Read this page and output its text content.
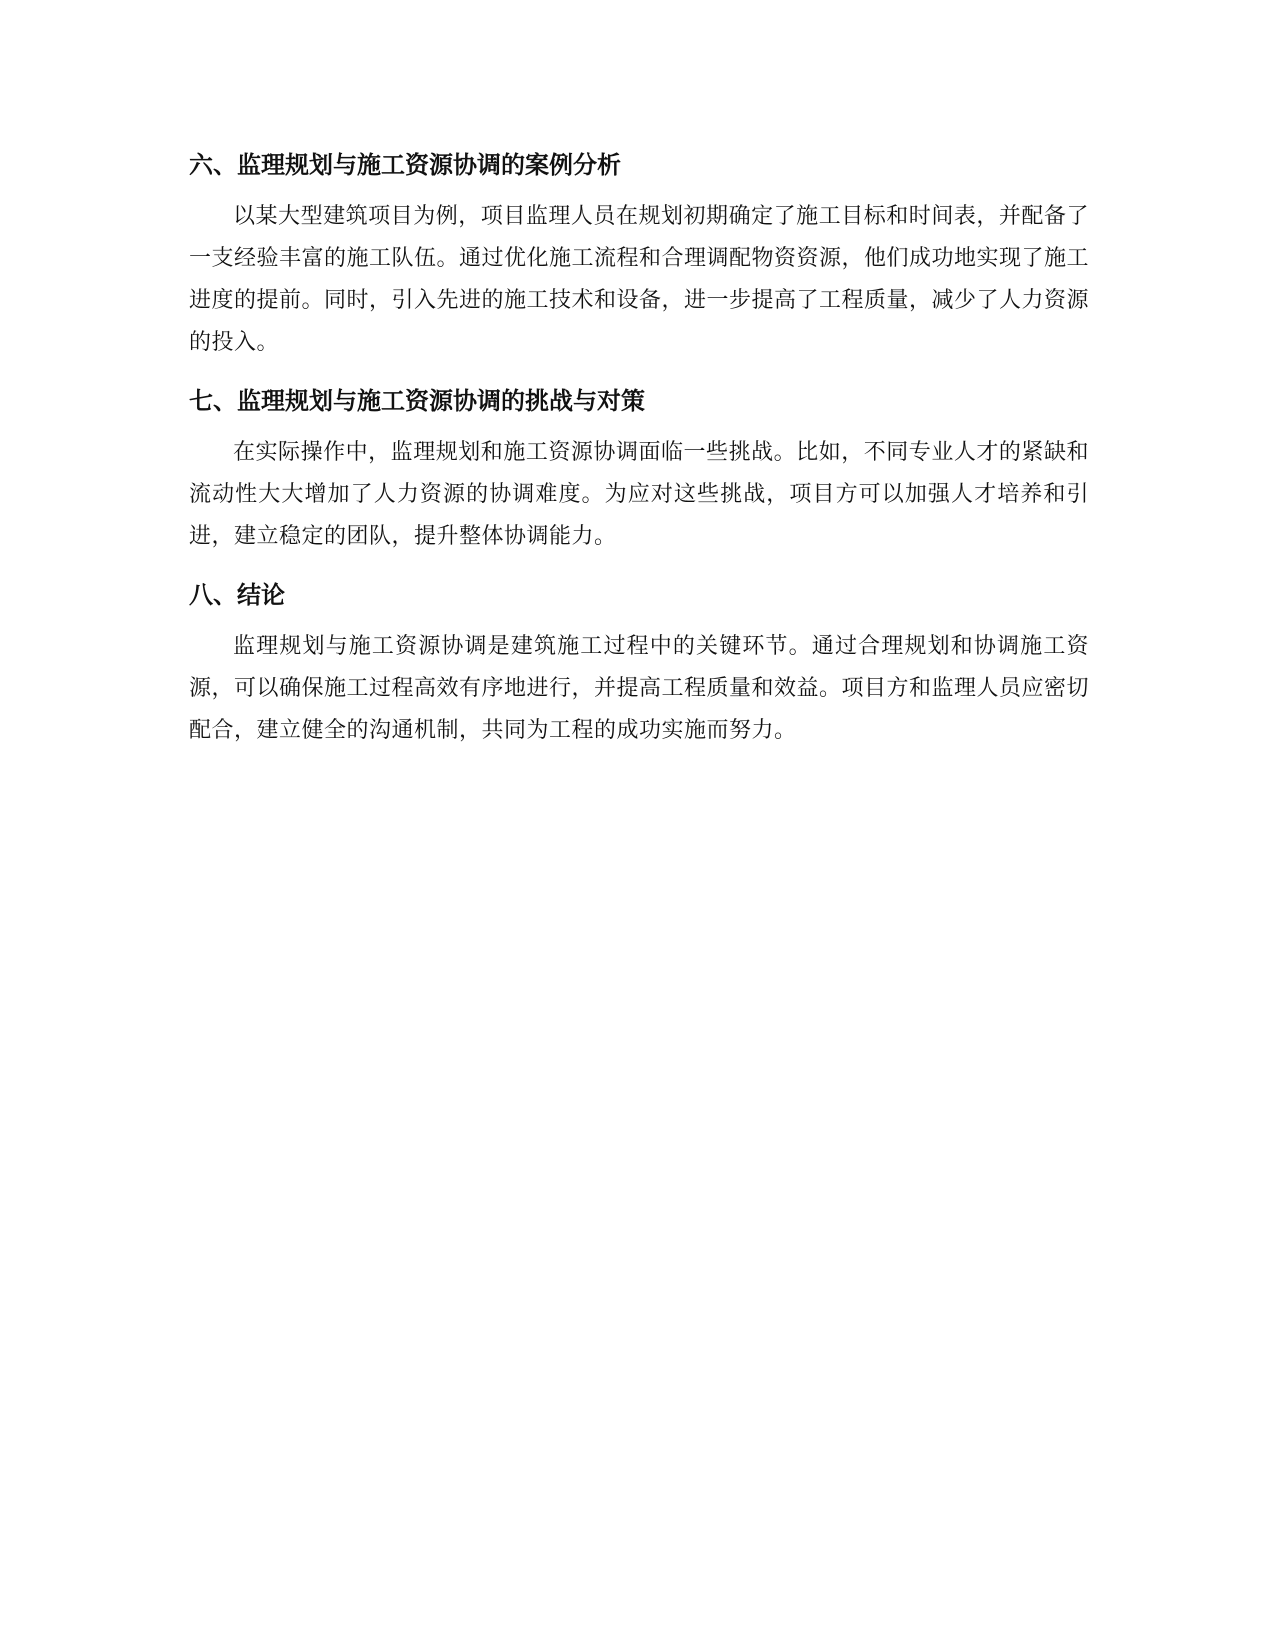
六、监理规划与施工资源协调的案例分析

以某大型建筑项目为例，项目监理人员在规划初期确定了施工目标和时间表，并配备了一支经验丰富的施工队伍。通过优化施工流程和合理调配物资资源，他们成功地实现了施工进度的提前。同时，引入先进的施工技术和设备，进一步提高了工程质量，减少了人力资源的投入。

七、监理规划与施工资源协调的挑战与对策

在实际操作中，监理规划和施工资源协调面临一些挑战。比如，不同专业人才的紧缺和流动性大大增加了人力资源的协调难度。为应对这些挑战，项目方可以加强人才培养和引进，建立稳定的团队，提升整体协调能力。

八、结论

监理规划与施工资源协调是建筑施工过程中的关键环节。通过合理规划和协调施工资源，可以确保施工过程高效有序地进行，并提高工程质量和效益。项目方和监理人员应密切配合，建立健全的沟通机制，共同为工程的成功实施而努力。
